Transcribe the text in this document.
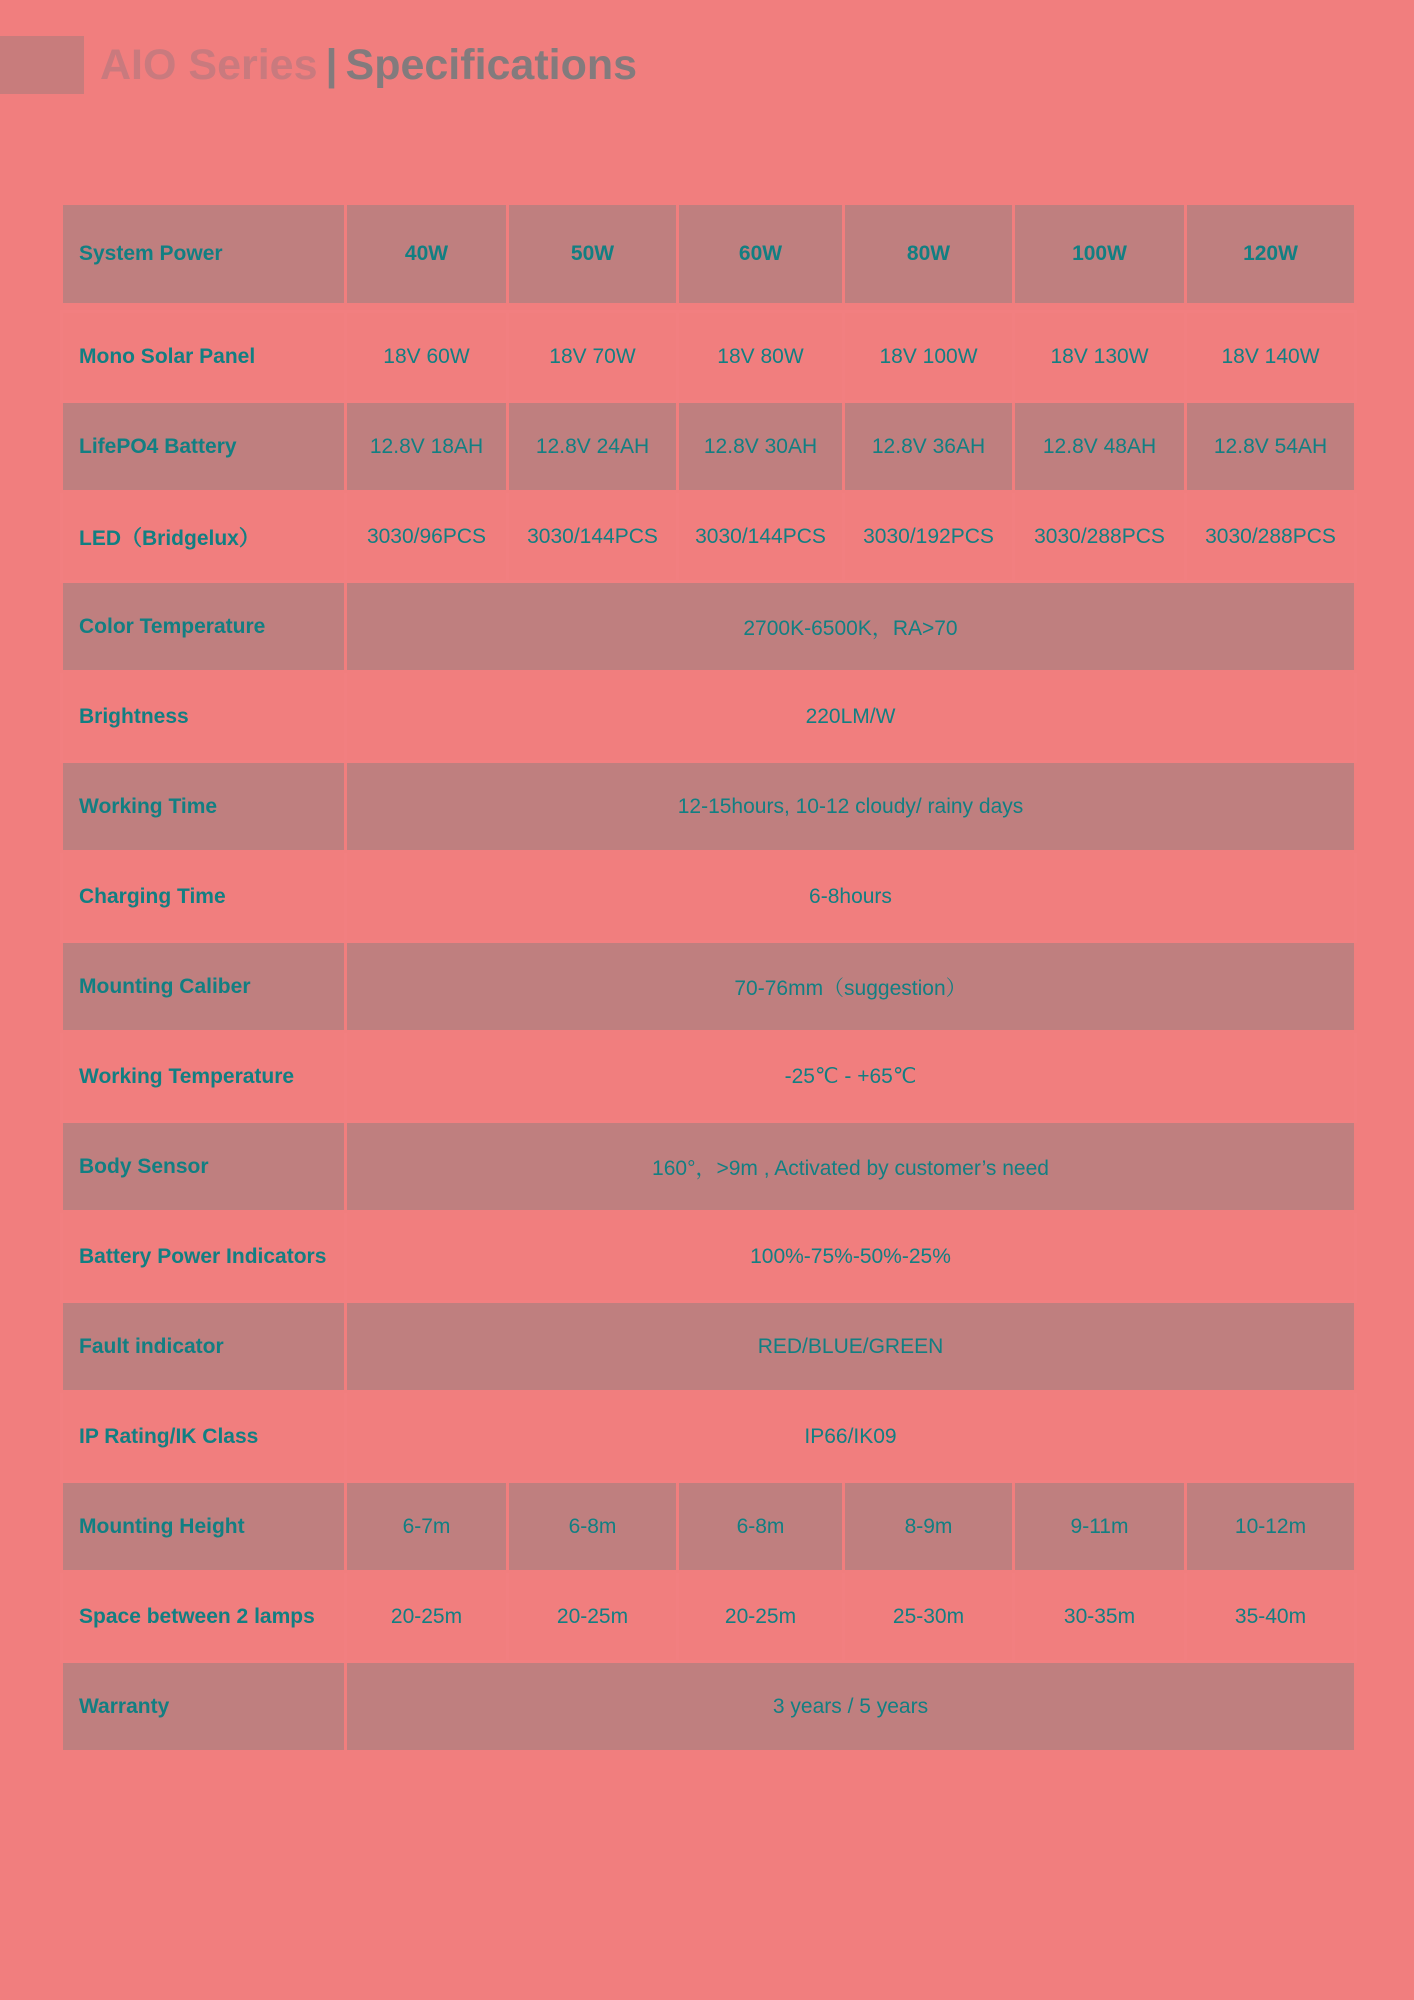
AIO Series | Specifications
System Power	40W	50W	60W	80W	100W	120W

Mono Solar Panel	18V 60W	18V 70W	18V 80W	18V 100W	18V 130W	18V 140W
LifePO4 Battery	12.8V 18AH	12.8V 24AH	12.8V 30AH	12.8V 36AH	12.8V 48AH	12.8V 54AH
LED（Bridgelux）	3030/96PCS	3030/144PCS	3030/144PCS	3030/192PCS	3030/288PCS	3030/288PCS
Color Temperature	2700K-6500K，RA>70					
Brightness	220LM/W					
Working Time	12-15hours, 10-12 cloudy/ rainy days					
Charging Time	6-8hours					
Mounting Caliber	70-76mm（suggestion）					
Working Temperature	-25℃ - +65℃					
Body Sensor	160°，>9m , Activated by customer’s need					
Battery Power Indicators	100%-75%-50%-25%					
Fault indicator	RED/BLUE/GREEN					
IP Rating/IK Class	IP66/IK09					
Mounting Height	6-7m	6-8m	6-8m	8-9m	9-11m	10-12m
Space between 2 lamps	20-25m	20-25m	20-25m	25-30m	30-35m	35-40m
Warranty	3 years / 5 years					
